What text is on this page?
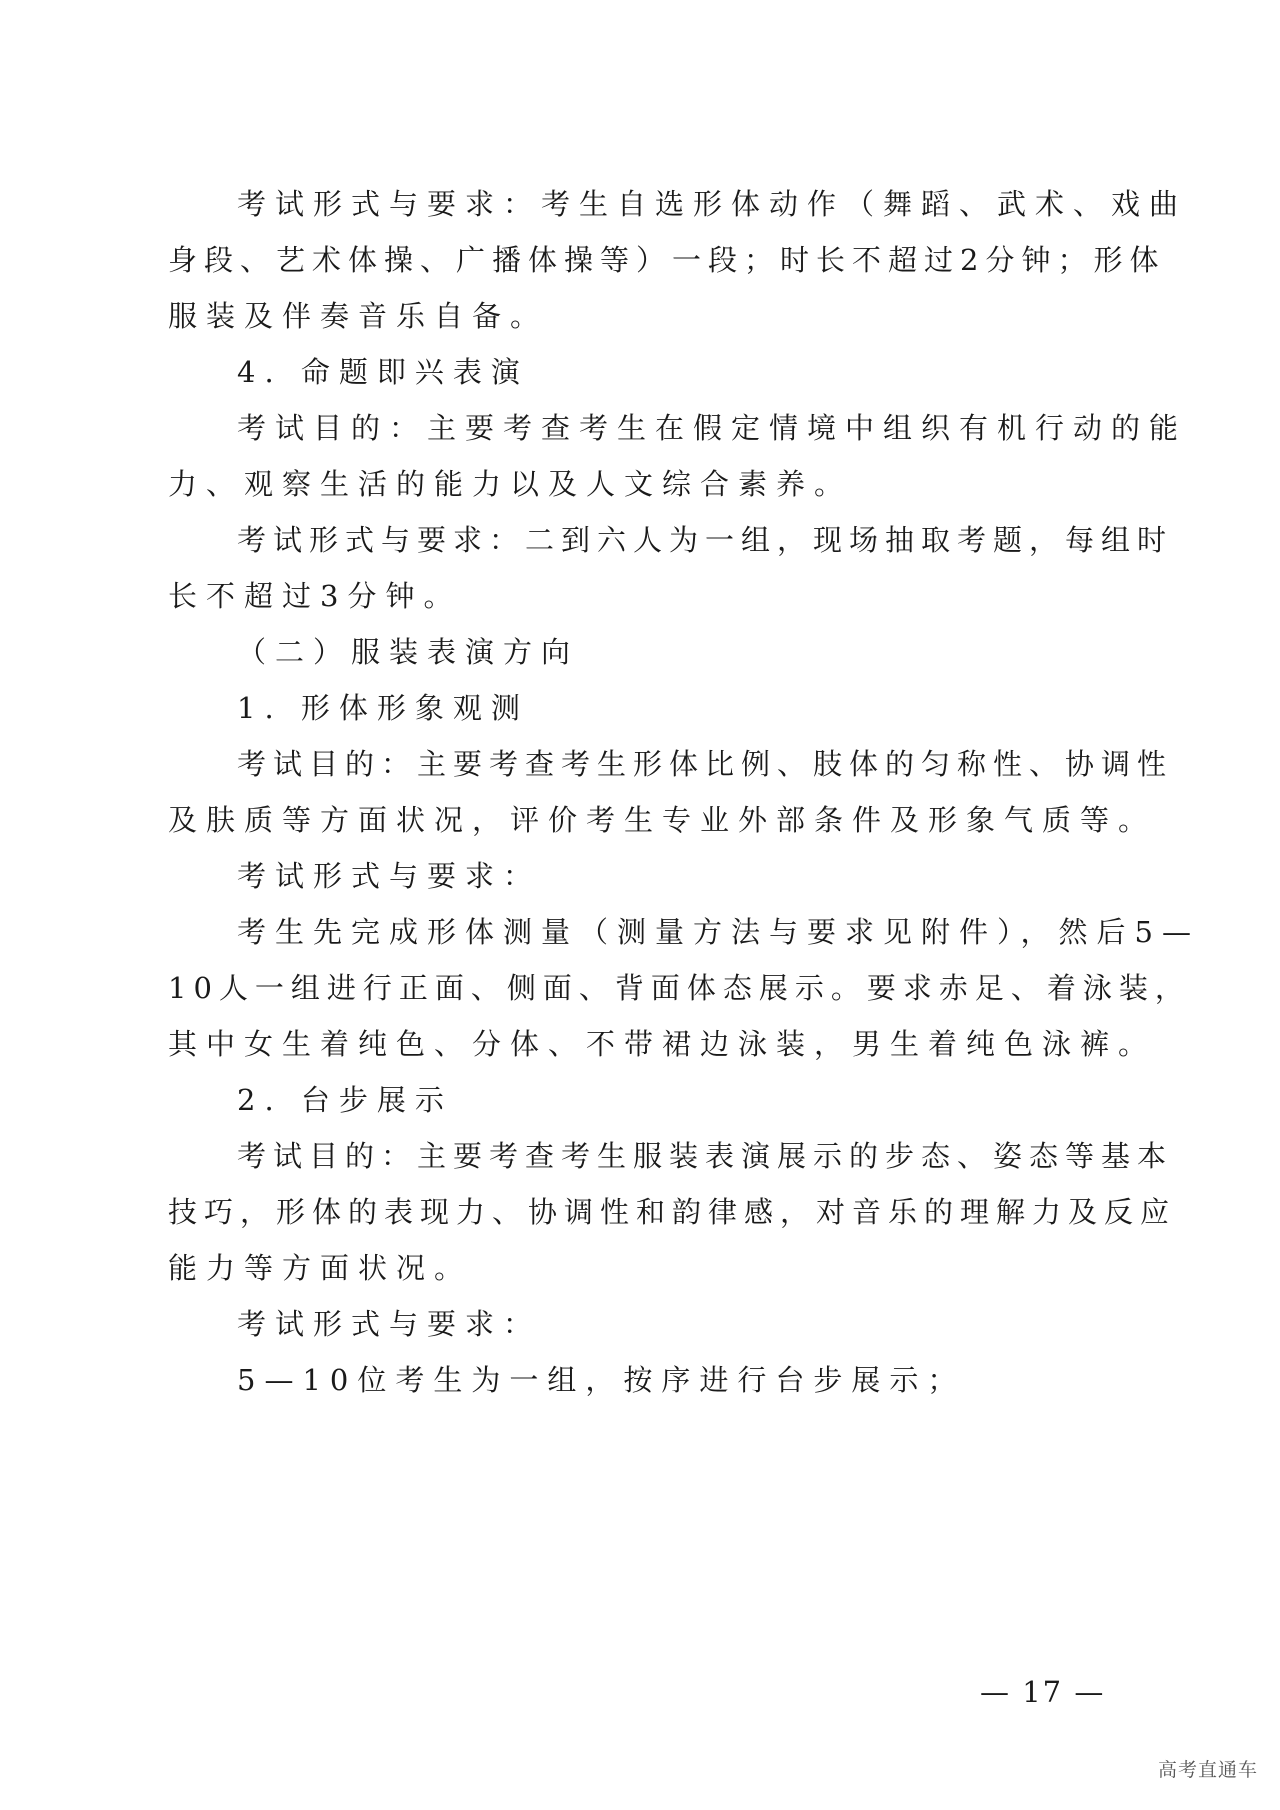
考试形式与要求：考生自选形体动作（舞蹈、武术、戏曲
身段、艺术体操、广播体操等）一段；时长不超过2分钟；形体
服装及伴奏音乐自备。
4. 命题即兴表演
考试目的：主要考查考生在假定情境中组织有机行动的能
力、观察生活的能力以及人文综合素养。
考试形式与要求：二到六人为一组，现场抽取考题，每组时
长不超过3分钟。
（二）服装表演方向
1. 形体形象观测
考试目的：主要考查考生形体比例、肢体的匀称性、协调性
及肤质等方面状况，评价考生专业外部条件及形象气质等。
考试形式与要求：
考生先完成形体测量（测量方法与要求见附件），然后5—
10人一组进行正面、侧面、背面体态展示。要求赤足、着泳装，
其中女生着纯色、分体、不带裙边泳装，男生着纯色泳裤。
2. 台步展示
考试目的：主要考查考生服装表演展示的步态、姿态等基本
技巧，形体的表现力、协调性和韵律感，对音乐的理解力及反应
能力等方面状况。
考试形式与要求：
5—10位考生为一组，按序进行台步展示；
— 17 —
高考直通车
